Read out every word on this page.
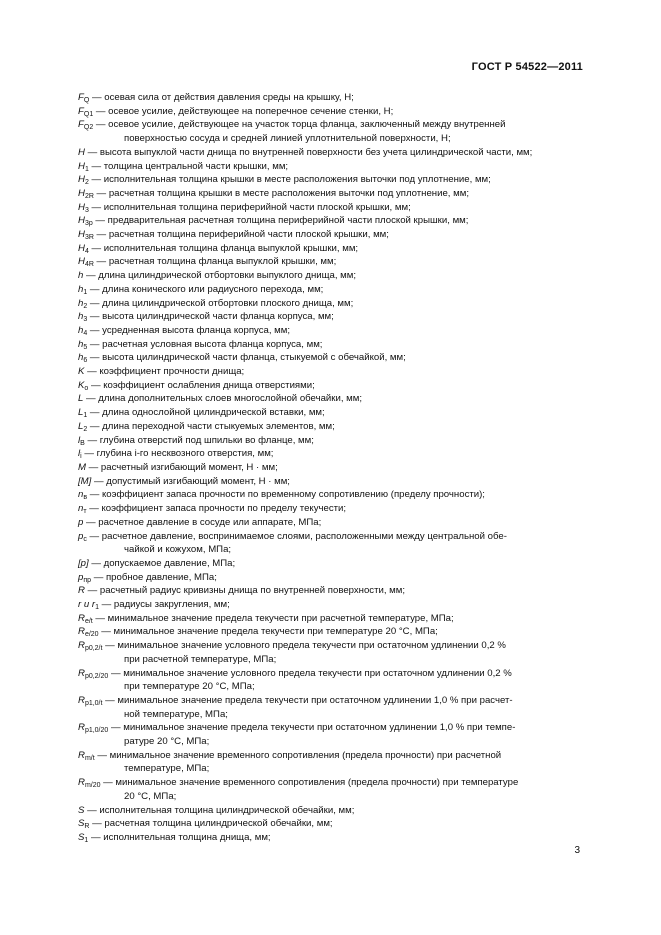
ГОСТ Р 54522—2011
$F_Q$ — осевая сила от действия давления среды на крышку, Н;
$F_{Q1}$ — осевое усилие, действующее на поперечное сечение стенки, Н;
$F_{Q2}$ — осевое усилие, действующее на участок торца фланца, заключенный между внутренней
поверхностью сосуда и средней линией уплотнительной поверхности, Н;
H — высота выпуклой части днища по внутренней поверхности без учета цилиндрической части, мм;
$H_1$ — толщина центральной части крышки, мм;
$H_2$ — исполнительная толщина крышки в месте расположения выточки под уплотнение, мм;
$H_{2R}$ — расчетная толщина крышки в месте расположения выточки под уплотнение, мм;
$H_3$ — исполнительная толщина периферийной части плоской крышки, мм;
$H_{3p}$ — предварительная расчетная толщина периферийной части плоской крышки, мм;
$H_{3R}$ — расчетная толщина периферийной части плоской крышки, мм;
$H_4$ — исполнительная толщина фланца выпуклой крышки, мм;
$H_{4R}$ — расчетная толщина фланца выпуклой крышки, мм;
h — длина цилиндрической отбортовки выпуклого днища, мм;
$h_1$ — длина конического или радиусного перехода, мм;
$h_2$ — длина цилиндрической отбортовки плоского днища, мм;
$h_3$ — высота цилиндрической части фланца корпуса, мм;
$h_4$ — усредненная высота фланца корпуса, мм;
$h_5$ — расчетная условная высота фланца корпуса, мм;
$h_6$ — высота цилиндрической части фланца, стыкуемой с обечайкой, мм;
K — коэффициент прочности днища;
$K_o$ — коэффициент ослабления днища отверстиями;
L — длина дополнительных слоев многослойной обечайки, мм;
$L_1$ — длина однослойной цилиндрической вставки, мм;
$L_2$ — длина переходной части стыкуемых элементов, мм;
$l_B$ — глубина отверстий под шпильки во фланце, мм;
$l_i$ — глубина i-го несквозного отверстия, мм;
M — расчетный изгибающий момент, Н · мм;
[M] — допустимый изгибающий момент, Н · мм;
$n_в$ — коэффициент запаса прочности по временному сопротивлению (пределу прочности);
$n_т$ — коэффициент запаса прочности по пределу текучести;
p — расчетное давление в сосуде или аппарате, МПа;
$p_c$ — расчетное давление, воспринимаемое слоями, расположенными между центральной обе-
чайкой и кожухом, МПа;
[p] — допускаемое давление, МПа;
$p_{пр}$ — пробное давление, МПа;
R — расчетный радиус кривизны днища по внутренней поверхности, мм;
r и $r_1$ — радиусы закругления, мм;
$R_{e/t}$ — минимальное значение предела текучести при расчетной температуре, МПа;
$R_{e/20}$ — минимальное значение предела текучести при температуре 20 °C, МПа;
$R_{p0,2/t}$ — минимальное значение условного предела текучести при остаточном удлинении 0,2 %
при расчетной температуре, МПа;
$R_{p0,2/20}$ — минимальное значение условного предела текучести при остаточном удлинении 0,2 %
при температуре 20 °C, МПа;
$R_{p1,0/t}$ — минимальное значение предела текучести при остаточном удлинении 1,0 % при расчет-
ной температуре, МПа;
$R_{p1,0/20}$ — минимальное значение предела текучести при остаточном удлинении 1,0 % при темпе-
ратуре 20 °C, МПа;
$R_{m/t}$ — минимальное значение временного сопротивления (предела прочности) при расчетной
температуре, МПа;
$R_{m/20}$ — минимальное значение временного сопротивления (предела прочности) при температуре
20 °C, МПа;
S — исполнительная толщина цилиндрической обечайки, мм;
$S_R$ — расчетная толщина цилиндрической обечайки, мм;
$S_1$ — исполнительная толщина днища, мм;
3
